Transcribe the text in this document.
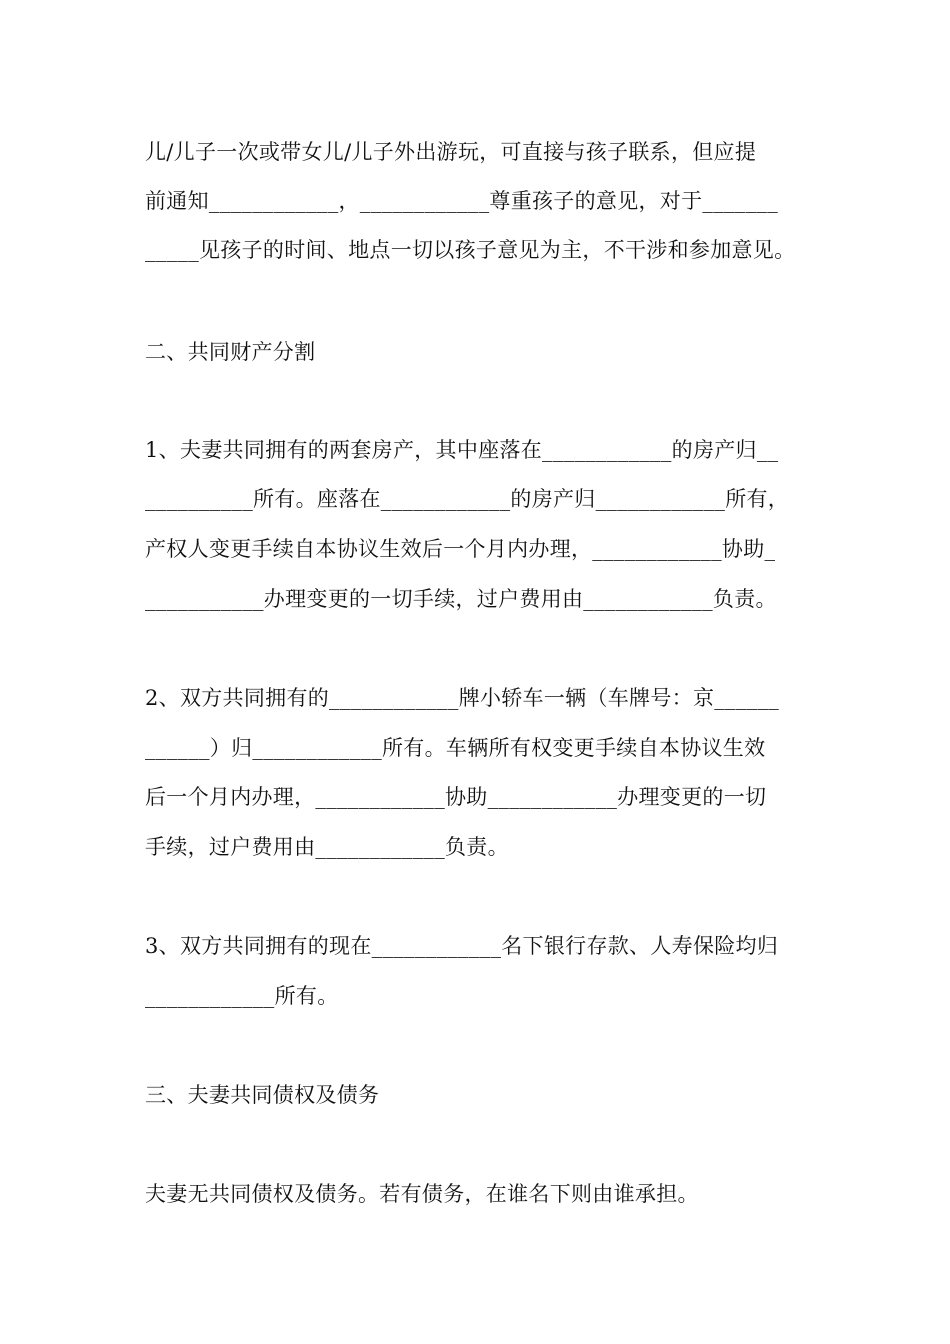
儿/儿子一次或带女儿/儿子外出游玩，可直接与孩子联系，但应提
前通知____________，____________尊重孩子的意见，对于_______
_____见孩子的时间、地点一切以孩子意见为主，不干涉和参加意见。
二、共同财产分割
1、夫妻共同拥有的两套房产，其中座落在____________的房产归__
__________所有。座落在____________的房产归____________所有，
产权人变更手续自本协议生效后一个月内办理，____________协助_
___________办理变更的一切手续，过户费用由____________负责。
2、双方共同拥有的____________牌小轿车一辆（车牌号：京______
______）归____________所有。车辆所有权变更手续自本协议生效
后一个月内办理，____________协助____________办理变更的一切
手续，过户费用由____________负责。
3、双方共同拥有的现在____________名下银行存款、人寿保险均归
____________所有。
三、夫妻共同债权及债务
夫妻无共同债权及债务。若有债务，在谁名下则由谁承担。
